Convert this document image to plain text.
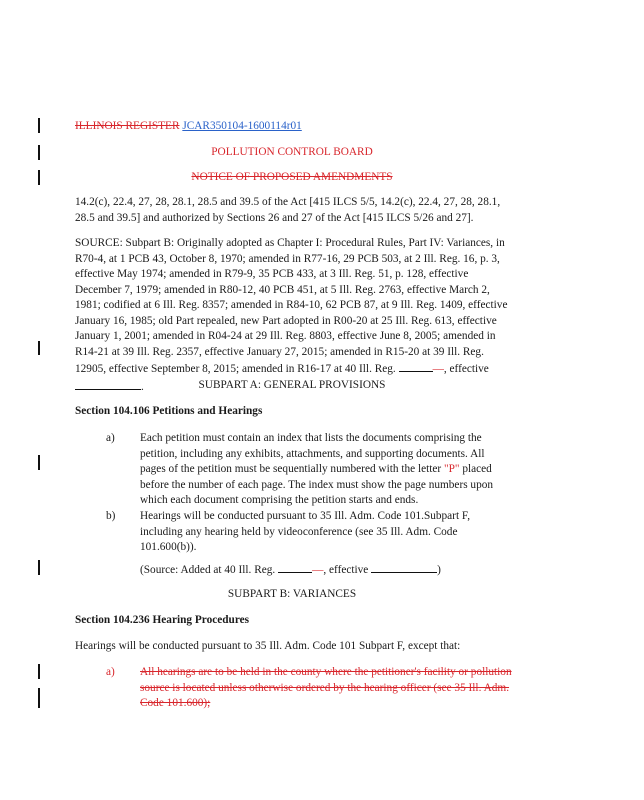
ILLINOIS REGISTER JCAR350104-1600114r01
POLLUTION CONTROL BOARD
NOTICE OF PROPOSED AMENDMENTS

14.2(c), 22.4, 27, 28, 28.1, 28.5 and 39.5 of the Act [415 ILCS 5/5, 14.2(c), 22.4, 27, 28, 28.1,

28.5 and 39.5] and authorized by Sections 26 and 27 of the Act [415 ILCS 5/26 and 27].

SOURCE: Subpart B: Originally adopted as Chapter I: Procedural Rules, Part IV: Variances, in

R70-4, at 1 PCB 43, October 8, 1970; amended in R77-16, 29 PCB 503, at 2 Ill. Reg. 16, p. 3,

effective May 1974; amended in R79-9, 35 PCB 433, at 3 Ill. Reg. 51, p. 128, effective

December 7, 1979; amended in R80-12, 40 PCB 451, at 5 Ill. Reg. 2763, effective March 2,

1981; codified at 6 Ill. Reg. 8357; amended in R84-10, 62 PCB 87, at 9 Ill. Reg. 1409, effective

January 16, 1985; old Part repealed, new Part adopted in R00-20 at 25 Ill. Reg. 613, effective

January 1, 2001; amended in R04-24 at 29 Ill. Reg. 8803, effective June 8, 2005; amended in

R14-21 at 39 Ill. Reg. 2357, effective January 27, 2015; amended in R15-20 at 39 Ill. Reg.

12905, effective September 8, 2015; amended in R16-17 at 40 Ill. Reg.	—, effective

.	SUBPART A: GENERAL PROVISIONS
Section 104.106 Petitions and Hearings
a) Each petition must contain an index that lists the documents comprising the

petition, including any exhibits, attachments, and supporting documents. All

pages of the petition must be sequentially numbered with the letter "P" placed

before the number of each page. The index must show the page numbers upon

which each document comprising the petition starts and ends.

b) Hearings will be conducted pursuant to 35 Ill. Adm. Code 101.Subpart F,

including any hearing held by videoconference (see 35 Ill. Adm. Code

101.600(b)).

(Source: Added at 40 Ill. Reg.	—, effective	)
SUBPART B: VARIANCES
Section 104.236 Hearing Procedures
Hearings will be conducted pursuant to 35 Ill. Adm. Code 101 Subpart F, except that:
a) All hearings are to be held in the county where the petitioner's facility or pollution

source is located unless otherwise ordered by the hearing officer (see 35 Ill. Adm.

Code 101.600);
